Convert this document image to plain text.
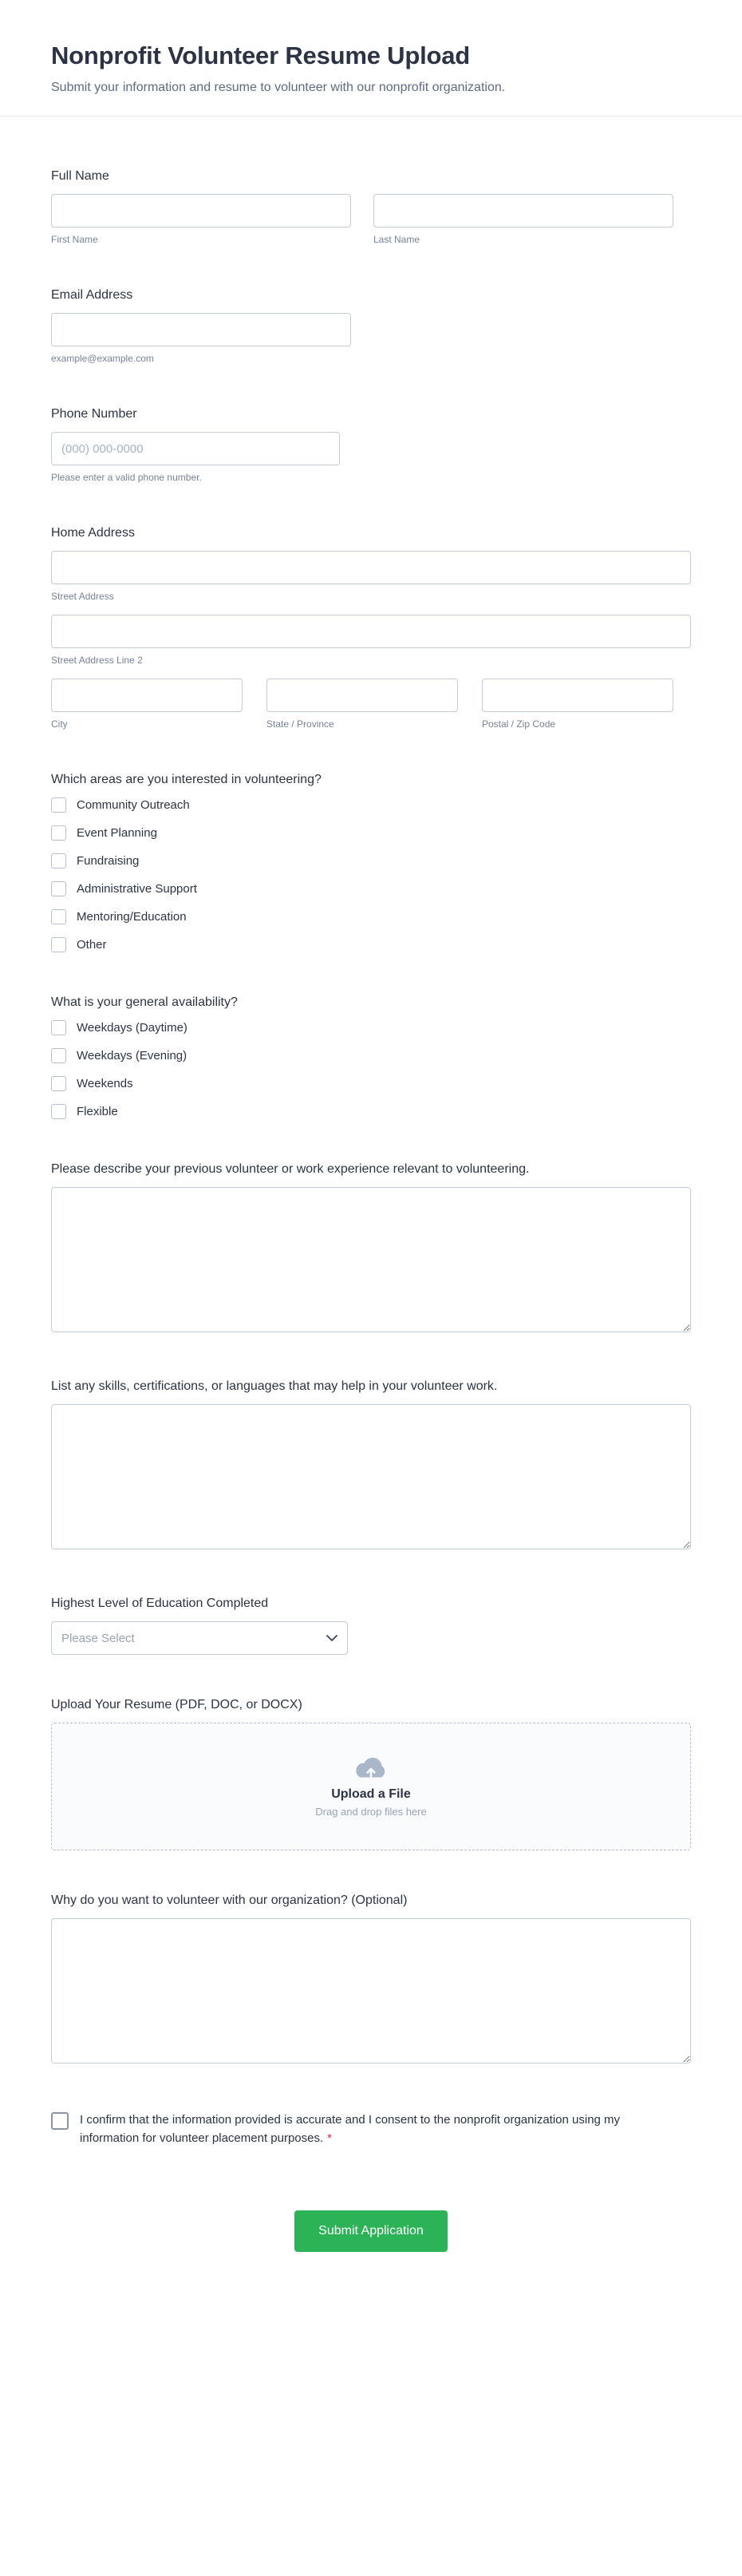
Nonprofit Volunteer Resume Upload

Submit your information and resume to volunteer with our nonprofit organization.

Full Name
First Name	Last Name
Email Address
example@example.com
Phone Number
(000) 000-0000
Please enter a valid phone number.
Home Address
Street Address
Street Address Line 2
City	State / Province	Postal / Zip Code
Which areas are you interested in volunteering?
Community Outreach
Event Planning
Fundraising
Administrative Support
Mentoring/Education
Other
What is your general availability?
Weekdays (Daytime)
Weekdays (Evening)
Weekends
Flexible
Please describe your previous volunteer or work experience relevant to volunteering.
List any skills, certifications, or languages that may help in your volunteer work.
Highest Level of Education Completed
Please Select
Upload Your Resume (PDF, DOC, or DOCX)
Upload a File
Drag and drop files here
Why do you want to volunteer with our organization? (Optional)
I confirm that the information provided is accurate and I consent to the nonprofit organization using my information for volunteer placement purposes. *
Submit Application
